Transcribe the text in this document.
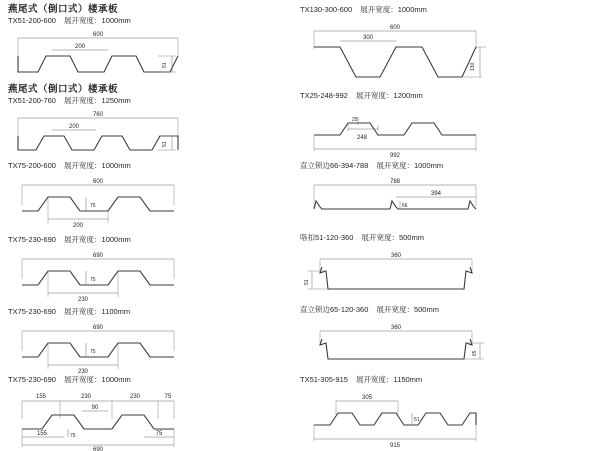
燕尾式（倒口式）楼承板
TX51-200-600 展开宽度：1000mm
600
200
51
燕尾式（倒口式）楼承板
TX51-200-760 展开宽度：1250mm
760
200
51
TX75-200-600 展开宽度：1000mm
600
200
75
TX75-230-690 展开宽度：1000mm
690
230
75
TX75-230-690 展开宽度：1100mm
690
230
75
TX75-230-690 展开宽度：1000mm
155	230	230	75
90
155	75
75
690
TX130-300-600 展开宽度：1000mm
600
300
130
TX25-248-992 展开宽度：1200mm
248
25
992
直立锁边66-394-788 展开宽度：1000mm
788
394
66
咯扣51-120-360 展开宽度：500mm
360
51
直立锁边65-120-360 展开宽度：500mm
360
65
TX51-305-915 展开宽度：1150mm
305
51
915
